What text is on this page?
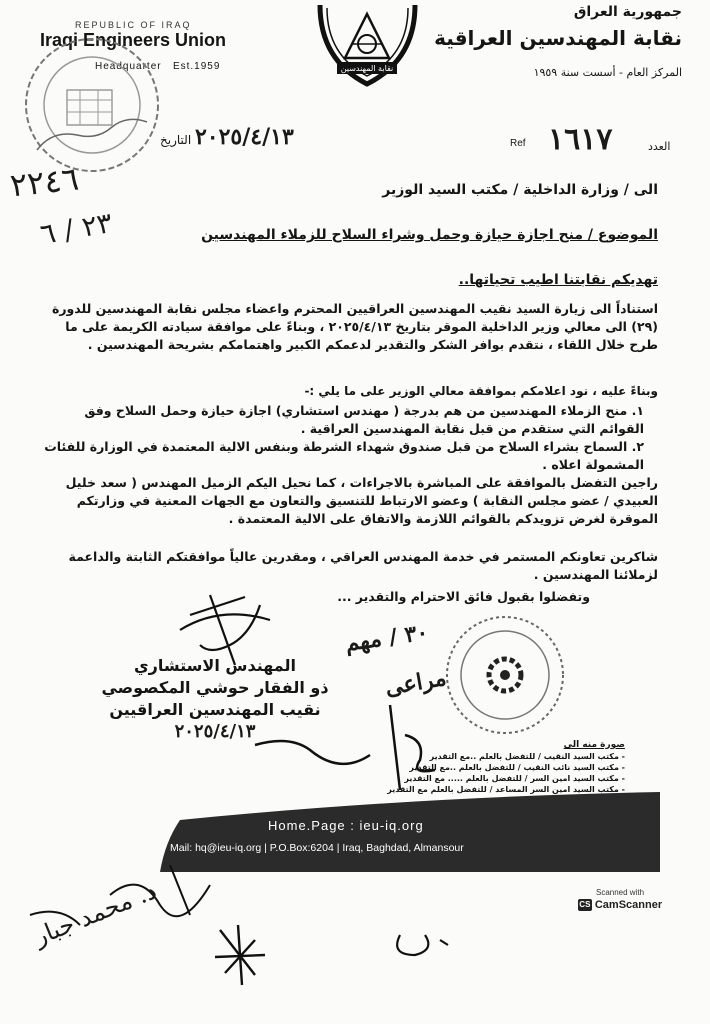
REPUBLIC OF IRAQ
Iraqi Engineers Union
Headquarter Est.1959
جمهورية العراق
نقابة المهندسين العراقية
المركز العام - أسست سنة ١٩٥٩
نقابة المهندسين
٢٠٢٥/٤/١٣ التاريخ	Ref ١٦١٧	العدد
٢٢٤٦
٢٣ / ٦
الى / وزارة الداخلية / مكتب السيد الوزير
الموضوع / منح اجازة حيازة وحمل وشراء السلاح للزملاء المهندسين
تهديكم نقابتنا اطيب تحياتها..
استناداً الى زيارة السيد نقيب المهندسين العراقيين المحترم واعضاء مجلس نقابة المهندسين للدورة (٢٩) الى معالي وزير الداخلية الموقر بتاريخ ٢٠٢٥/٤/١٣ ، وبناءً على موافقة سيادته الكريمة على ما طرح خلال اللقاء ، نتقدم بوافر الشكر والتقدير لدعمكم الكبير واهتمامكم بشريحة المهندسين .
وبناءً عليه ، نود اعلامكم بموافقة معالي الوزير على ما يلي :-
١. منح الزملاء المهندسين من هم بدرجة ( مهندس استشاري) اجازة حيازة وحمل السلاح وفق القوائم التي ستقدم من قبل نقابة المهندسين العراقية .
٢. السماح بشراء السلاح من قبل صندوق شهداء الشرطة وبنفس الالية المعتمدة في الوزارة للفئات المشمولة اعلاه .
راجين التفضل بالموافقة على المباشرة بالاجراءات ، كما نحيل اليكم الزميل المهندس ( سعد خليل العبيدي / عضو مجلس النقابة ) وعضو الارتباط للتنسيق والتعاون مع الجهات المعنية في وزارتكم الموقرة لغرض تزويدكم بالقوائم اللازمة والاتفاق على الالية المعتمدة .
شاكرين تعاونكم المستمر في خدمة المهندس العراقي ، ومقدرين عالياً موافقتكم الثابتة والداعمة لزملائنا المهندسين .
وتفضلوا بقبول فائق الاحترام والتقدير ...
المهندس الاستشاري
ذو الفقار حوشي المكصوصي
نقيب المهندسين العراقيين
٢٠٢٥/٤/١٣
٣٠ / مهم
مراعى
صورة منه الى
- مكتب السيد النقيب / للتفضل بالعلم ..مع التقدير
- مكتب السيد نائب النقيب / للتفضل بالعلم ..مع التقدير
- مكتب السيد امين السر / للتفضل بالعلم ..... مع التقدير
- مكتب السيد امين السر المساعد / للتفضل بالعلم مع التقدير
Home.Page : ieu-iq.org
Mail: hq@ieu-iq.org | P.O.Box:6204 | Iraq, Baghdad, Almansour
Scanned with
CS CamScanner
د. محمد جبار
